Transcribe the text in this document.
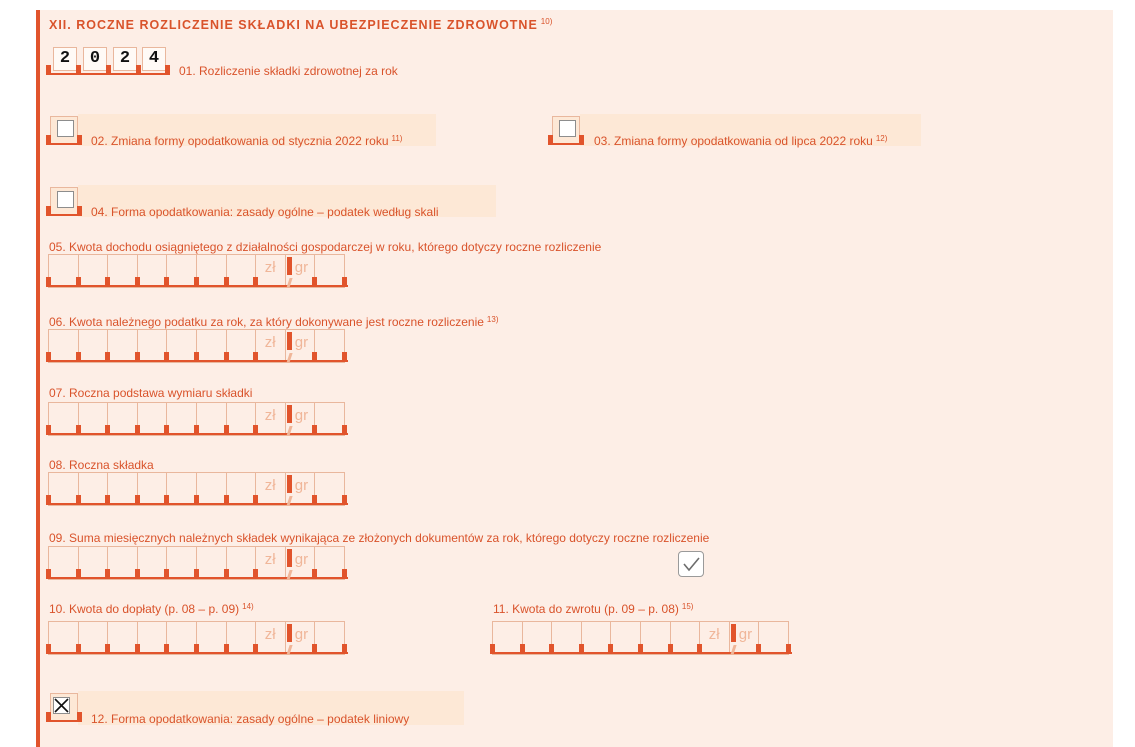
XII. ROCZNE ROZLICZENIE SKŁADKI NA UBEZPIECZENIE ZDROWOTNE $^{10)}$
2	0	2	4
01. Rozliczenie składki zdrowotnej za rok
02. Zmiana formy opodatkowania od stycznia 2022 roku $^{11)}$	03. Zmiana formy opodatkowania od lipca 2022 roku $^{12)}$
04. Forma opodatkowania: zasady ogólne – podatek według skali
05. Kwota dochodu osiągniętego z działalności gospodarczej w roku, którego dotyczy roczne rozliczenie
zł gr
06. Kwota należnego podatku za rok, za który dokonywane jest roczne rozliczenie $^{13)}$
zł gr
07. Roczna podstawa wymiaru składki
zł gr
08. Roczna składka
zł gr
09. Suma miesięcznych należnych składek wynikająca ze złożonych dokumentów za rok, którego dotyczy roczne rozliczenie
zł gr
10. Kwota do dopłaty (p. 08 – p. 09) $^{14)}$
zł gr
11. Kwota do zwrotu (p. 09 – p. 08) $^{15)}$
zł gr
12. Forma opodatkowania: zasady ogólne – podatek liniowy
